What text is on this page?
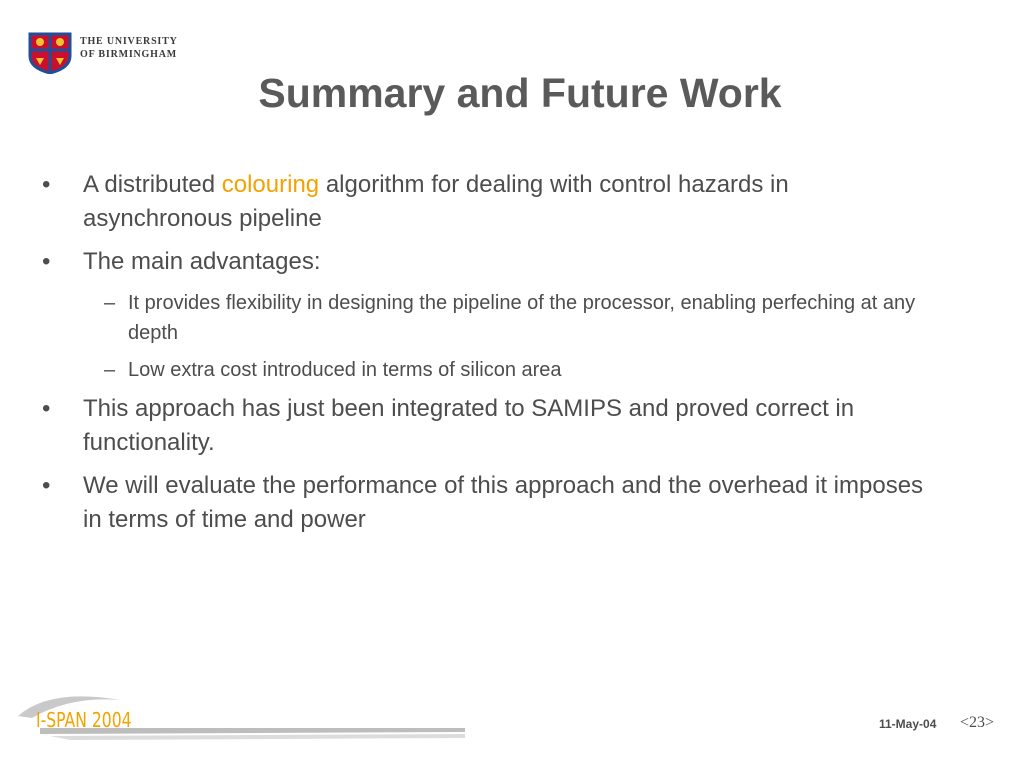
THE UNIVERSITY
OF BIRMINGHAM
Summary and Future Work
• A distributed colouring algorithm for dealing with control hazards in asynchronous pipeline
• The main advantages:
– It provides flexibility in designing the pipeline of the processor, enabling perfeching at any depth
– Low extra cost introduced in terms of silicon area
• This approach has just been integrated to SAMIPS and proved correct in functionality.
• We will evaluate the performance of this approach and the overhead it imposes in terms of time and power
I-SPAN 2004	11-May-04 <23>
